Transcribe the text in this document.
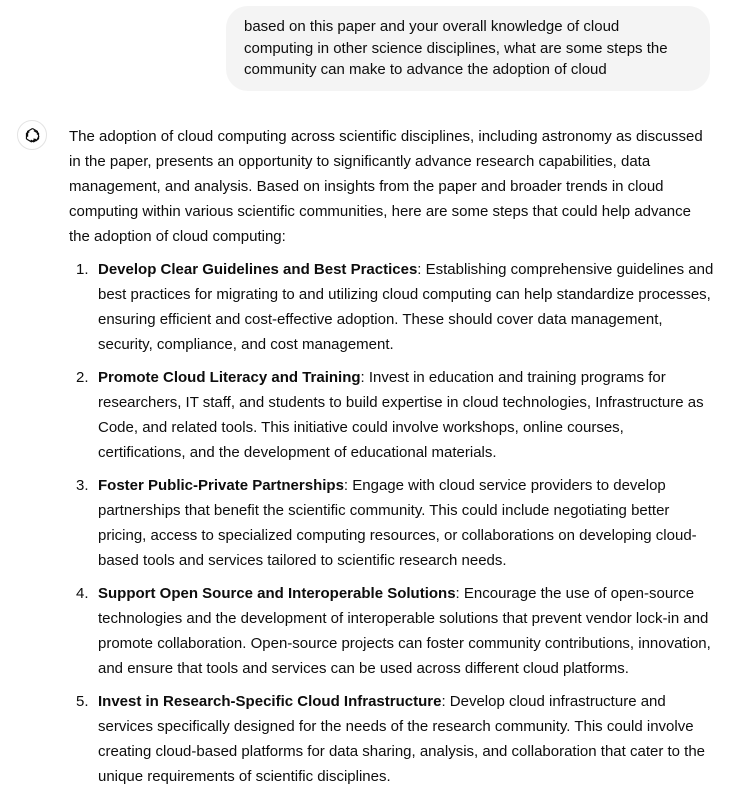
based on this paper and your overall knowledge of cloud computing in other science disciplines, what are some steps the community can make to advance the adoption of cloud

The adoption of cloud computing across scientific disciplines, including astronomy as discussed in the paper, presents an opportunity to significantly advance research capabilities, data management, and analysis. Based on insights from the paper and broader trends in cloud computing within various scientific communities, here are some steps that could help advance the adoption of cloud computing:

1. Develop Clear Guidelines and Best Practices: Establishing comprehensive guidelines and best practices for migrating to and utilizing cloud computing can help standardize processes, ensuring efficient and cost-effective adoption. These should cover data management, security, compliance, and cost management.
2. Promote Cloud Literacy and Training: Invest in education and training programs for researchers, IT staff, and students to build expertise in cloud technologies, Infrastructure as Code, and related tools. This initiative could involve workshops, online courses, certifications, and the development of educational materials.
3. Foster Public-Private Partnerships: Engage with cloud service providers to develop partnerships that benefit the scientific community. This could include negotiating better pricing, access to specialized computing resources, or collaborations on developing cloud-based tools and services tailored to scientific research needs.
4. Support Open Source and Interoperable Solutions: Encourage the use of open-source technologies and the development of interoperable solutions that prevent vendor lock-in and promote collaboration. Open-source projects can foster community contributions, innovation, and ensure that tools and services can be used across different cloud platforms.
5. Invest in Research-Specific Cloud Infrastructure: Develop cloud infrastructure and services specifically designed for the needs of the research community. This could involve creating cloud-based platforms for data sharing, analysis, and collaboration that cater to the unique requirements of scientific disciplines.
